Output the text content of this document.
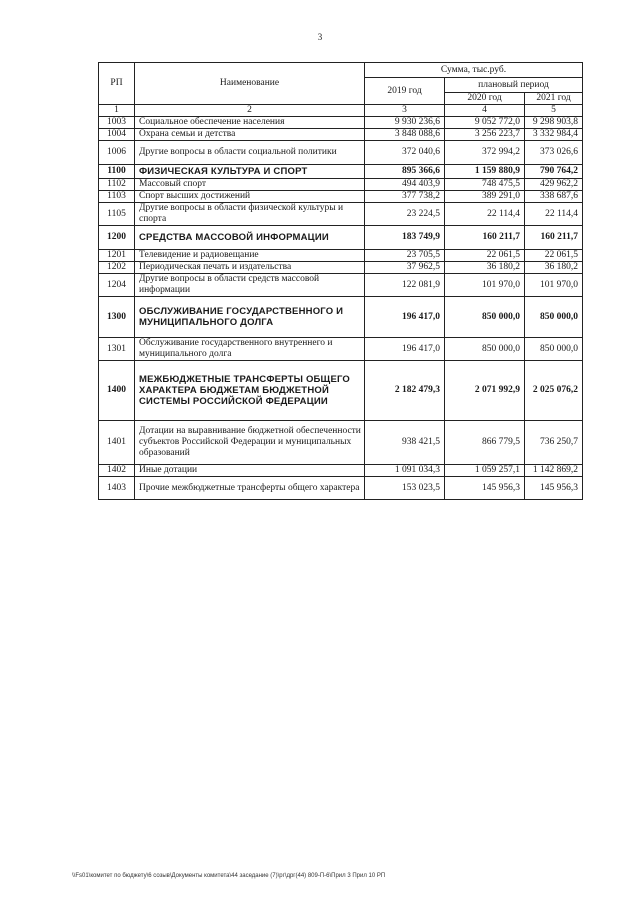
3
РП	Наименование	Сумма, тыс.руб.		
		2019 год	плановый период	
			2020 год	2021 год
1	2	3	4	5
1003	Социальное обеспечение населения	9 930 236,6	9 052 772,0	9 298 903,8
1004	Охрана семьи и детства	3 848 088,6	3 256 223,7	3 332 984,4
1006	Другие вопросы в области социальной политики	372 040,6	372 994,2	373 026,6
1100	ФИЗИЧЕСКАЯ КУЛЬТУРА И СПОРТ	895 366,6	1 159 880,9	790 764,2
1102	Массовый спорт	494 403,9	748 475,5	429 962,2
1103	Спорт высших достижений	377 738,2	389 291,0	338 687,6
1105	Другие вопросы в области физической культуры и спорта	23 224,5	22 114,4	22 114,4
1200	СРЕДСТВА МАССОВОЙ ИНФОРМАЦИИ	183 749,9	160 211,7	160 211,7
1201	Телевидение и радиовещание	23 705,5	22 061,5	22 061,5
1202	Периодическая печать и издательства	37 962,5	36 180,2	36 180,2
1204	Другие вопросы в области средств массовой информации	122 081,9	101 970,0	101 970,0
1300	ОБСЛУЖИВАНИЕ ГОСУДАРСТВЕННОГО И МУНИЦИПАЛЬНОГО ДОЛГА	196 417,0	850 000,0	850 000,0
1301	Обслуживание государственного внутреннего и муниципального долга	196 417,0	850 000,0	850 000,0
1400	МЕЖБЮДЖЕТНЫЕ ТРАНСФЕРТЫ ОБЩЕГО ХАРАКТЕРА БЮДЖЕТАМ БЮДЖЕТНОЙ СИСТЕМЫ РОССИЙСКОЙ ФЕДЕРАЦИИ	2 182 479,3	2 071 992,9	2 025 076,2
1401	Дотации на выравнивание бюджетной обеспеченности субъектов Российской Федерации и муниципальных образований	938 421,5	866 779,5	736 250,7
1402	Иные дотации	1 091 034,3	1 059 257,1	1 142 869,2
1403	Прочие межбюджетные трансферты общего характера	153 023,5	145 956,3	145 956,3
\\Fs01\комитет по бюджету\6 созыв\Документы комитета\44 заседание (7)\рг\дрг(44) 809-П-6\Прил 3 Прил 10 РП
